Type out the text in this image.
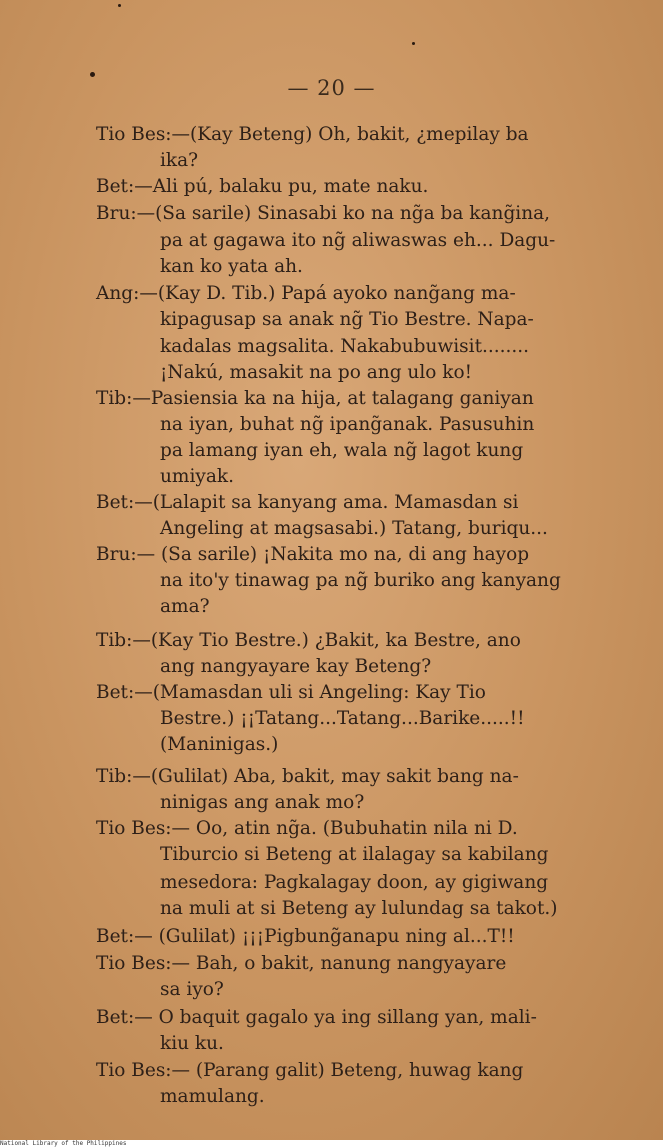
— 20 —
Tio Bes:—(Kay Beteng) Oh, bakit, ¿mepilay ba
ika?
Bet:—Ali pú, balaku pu, mate naku.
Bru:—(Sa sarile) Sinasabi ko na ng̃a ba kang̃ina,
pa at gagawa ito ng̃ aliwaswas eh... Dagu-
kan ko yata ah.
Ang:—(Kay D. Tib.) Papá ayoko nang̃ang ma-
kipagusap sa anak ng̃ Tio Bestre. Napa-
kadalas magsalita. Nakabubuwisit........
¡Nakú, masakit na po ang ulo ko!
Tib:—Pasiensia ka na hija, at talagang ganiyan
na iyan, buhat ng̃ ipang̃anak. Pasusuhin
pa lamang iyan eh, wala ng̃ lagot kung
umiyak.
Bet:—(Lalapit sa kanyang ama. Mamasdan si
Angeling at magsasabi.) Tatang, buriqu...
Bru:— (Sa sarile) ¡Nakita mo na, di ang hayop
na ito'y tinawag pa ng̃ buriko ang kanyang
ama?
Tib:—(Kay Tio Bestre.) ¿Bakit, ka Bestre, ano
ang nangyayare kay Beteng?
Bet:—(Mamasdan uli si Angeling: Kay Tio
Bestre.) ¡¡Tatang...Tatang...Barike.....!!
(Maninigas.)
Tib:—(Gulilat) Aba, bakit, may sakit bang na-
ninigas ang anak mo?
Tio Bes:— Oo, atin ng̃a. (Bubuhatin nila ni D.
Tiburcio si Beteng at ilalagay sa kabilang
mesedora: Pagkalagay doon, ay gigiwang
na muli at si Beteng ay lulundag sa takot.)
Bet:— (Gulilat) ¡¡¡Pigbung̃anapu ning al...T!!
Tio Bes:— Bah, o bakit, nanung nangyayare
sa iyo?
Bet:— O baquit gagalo ya ing sillang yan, mali-
kiu ku.
Tio Bes:— (Parang galit) Beteng, huwag kang
mamulang.
National Library of the Philippines
